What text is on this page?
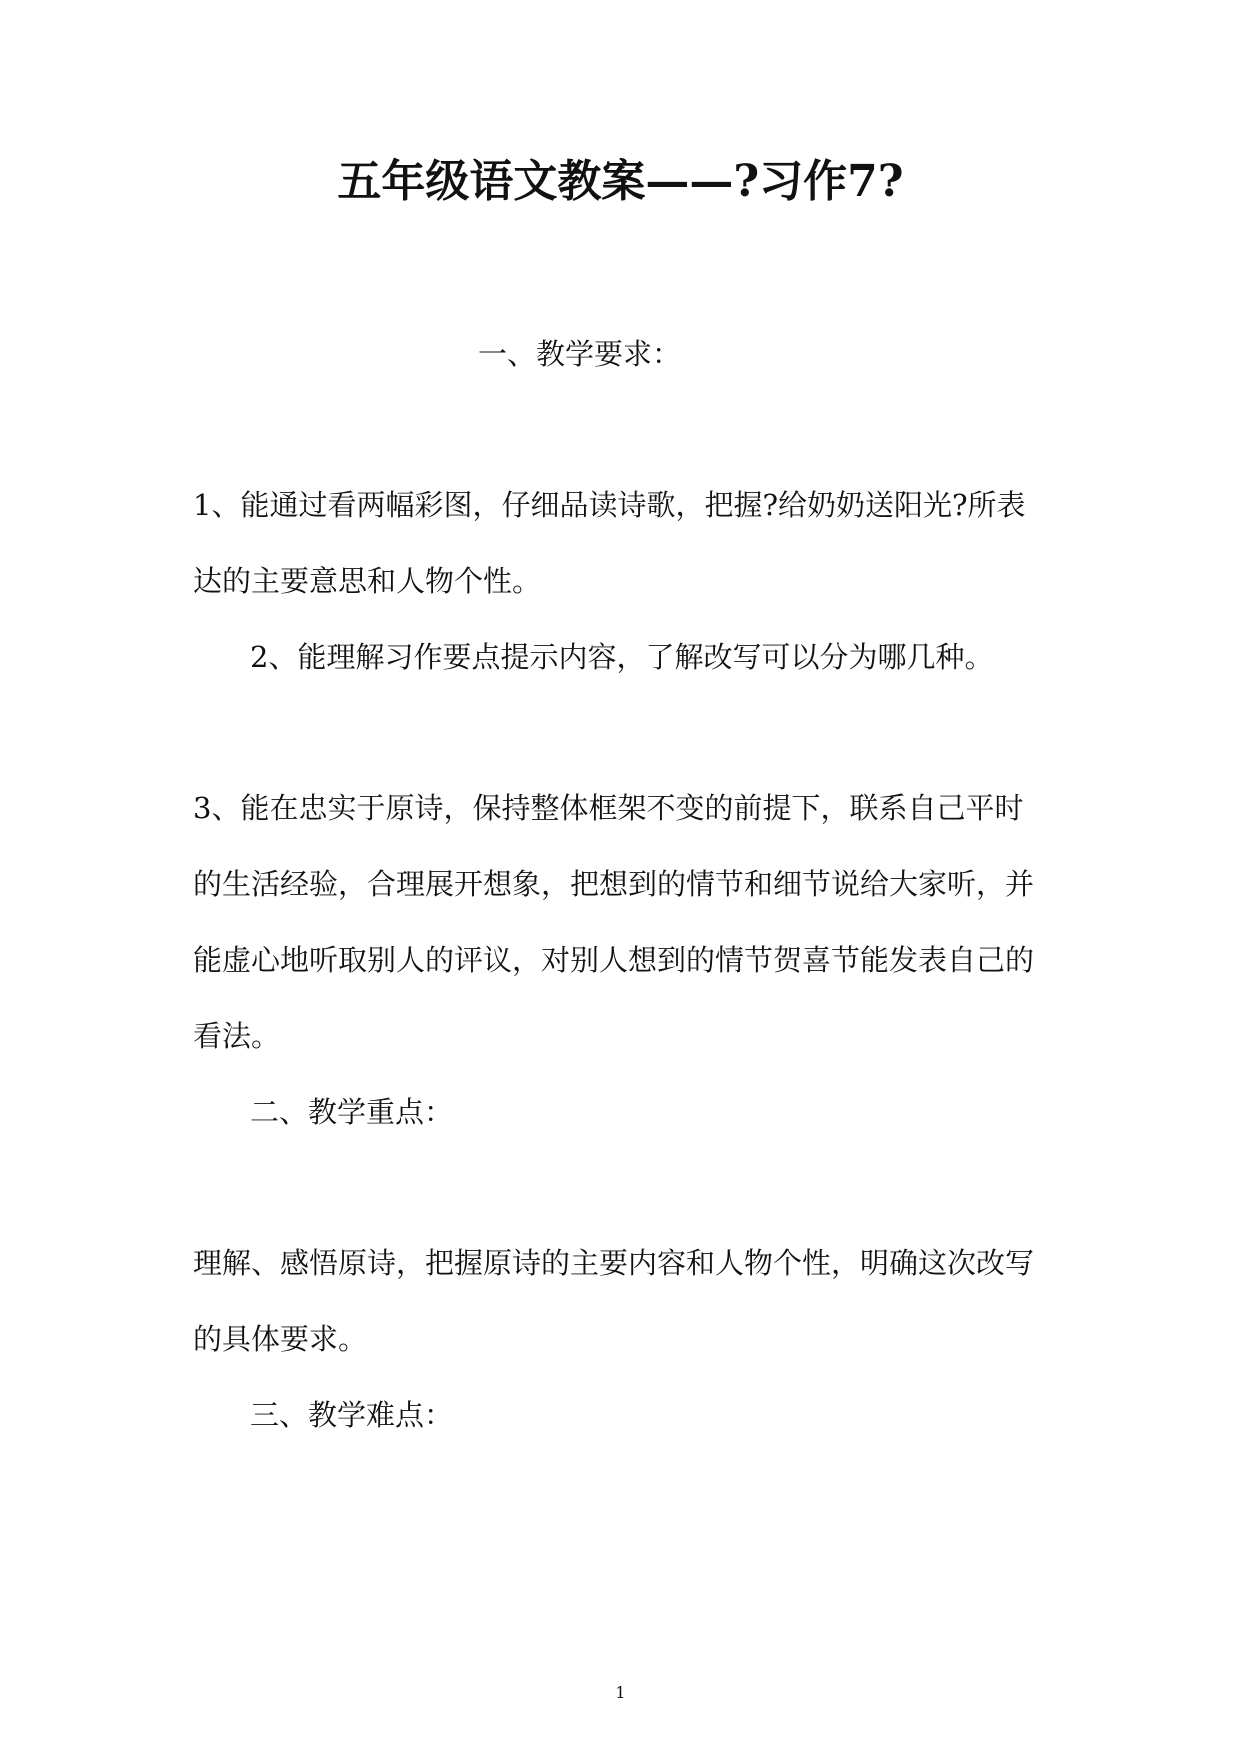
五年级语文教案——?习作7?
一、教学要求：
1、能通过看两幅彩图，仔细品读诗歌，把握?给奶奶送阳光?所表
达的主要意思和人物个性。
2、能理解习作要点提示内容，了解改写可以分为哪几种。
3、能在忠实于原诗，保持整体框架不变的前提下，联系自己平时
的生活经验，合理展开想象，把想到的情节和细节说给大家听，并
能虚心地听取别人的评议，对别人想到的情节贺喜节能发表自己的
看法。
二、教学重点：
理解、感悟原诗，把握原诗的主要内容和人物个性，明确这次改写
的具体要求。
三、教学难点：
1
